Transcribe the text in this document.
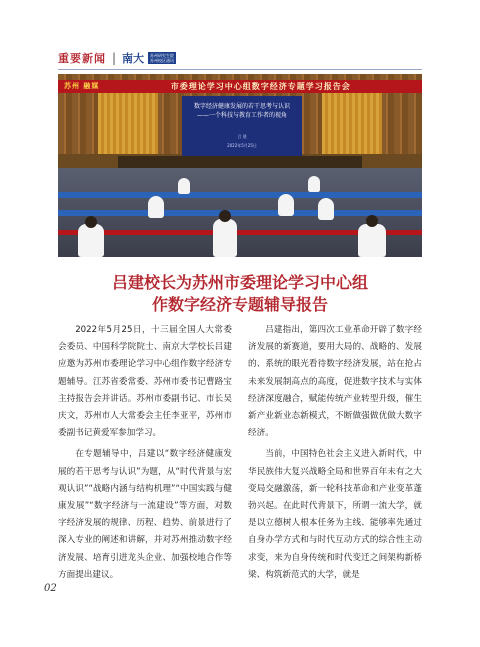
重要新闻 | 南大 苏州研究生院
苏州校区通讯
苏州 融媒	市委理论学习中心组数字经济专题学习报告会
数字经济健康发展的若干思考与认识
——一个科技与教育工作者的视角
吕 建
2022年5月25日
吕建校长为苏州市委理论学习中心组
作数字经济专题辅导报告

2022年5月25日，十三届全国人大常委会委员、中国科学院院士、南京大学校长吕建应邀为苏州市委理论学习中心组作数字经济专题辅导。江苏省委常委、苏州市委书记曹路宝主持报告会并讲话。苏州市委副书记、市长吴庆文，苏州市人大常委会主任李亚平，苏州市委副书记黄爱军参加学习。

在专题辅导中，吕建以“数字经济健康发展的若干思考与认识”为题，从“时代背景与宏观认识”“战略内涵与结构机理”“中国实践与健康发展”“数字经济与一流建设”等方面，对数字经济发展的规律、历程、趋势、前景进行了深入专业的阐述和讲解，并对苏州推动数字经济发展、培育引进龙头企业、加强校地合作等方面提出建议。

吕建指出，第四次工业革命开辟了数字经济发展的新赛道，要用大局的、战略的、发展的、系统的眼光看待数字经济发展，站在抢占未来发展制高点的高度，促进数字技术与实体经济深度融合，赋能传统产业转型升级，催生新产业新业态新模式，不断做强做优做大数字经济。

当前，中国特色社会主义进入新时代，中华民族伟大复兴战略全局和世界百年未有之大变局交融激荡，新一轮科技革命和产业变革蓬勃兴起。在此时代背景下，所谓一流大学，就是以立德树人根本任务为主线、能够率先通过自身办学方式和与时代互动方式的综合性主动求变，来为自身传统和时代变迁之间架构新桥梁、构筑新范式的大学，就是

02
